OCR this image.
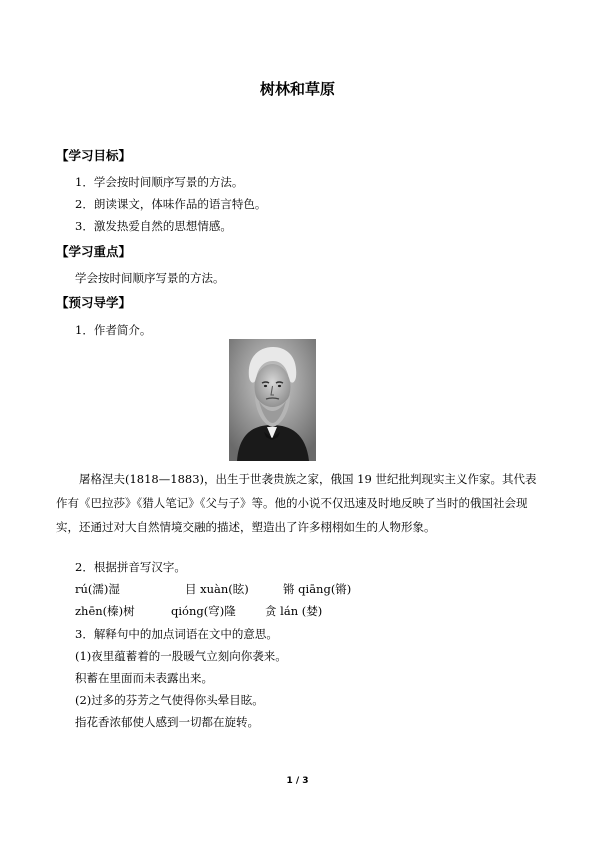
树林和草原
【学习目标】
1．学会按时间顺序写景的方法。
2．朗读课文，体味作品的语言特色。
3．激发热爱自然的思想情感。
【学习重点】
学会按时间顺序写景的方法。
【预习导学】
1．作者简介。

屠格涅夫(1818—1883)，出生于世袭贵族之家，俄国 19 世纪批判现实主义作家。其代表作有《巴拉莎》《猎人笔记》《父与子》等。他的小说不仅迅速及时地反映了当时的俄国社会现实，还通过对大自然情境交融的描述，塑造出了许多栩栩如生的人物形象。

2．根据拼音写汉字。
rú(濡)湿	目 xuàn(眩)	锵 qiāng(锵)
zhēn(榛)树	qióng(穹)隆	贪 lán (婪)
3．解释句中的加点词语在文中的意思。
(1)夜里蕴蓄着的一股暖气立刻向你袭来。
积蓄在里面而未表露出来。
(2)过多的芬芳之气使得你头晕目眩。
指花香浓郁使人感到一切都在旋转。
1 / 3
